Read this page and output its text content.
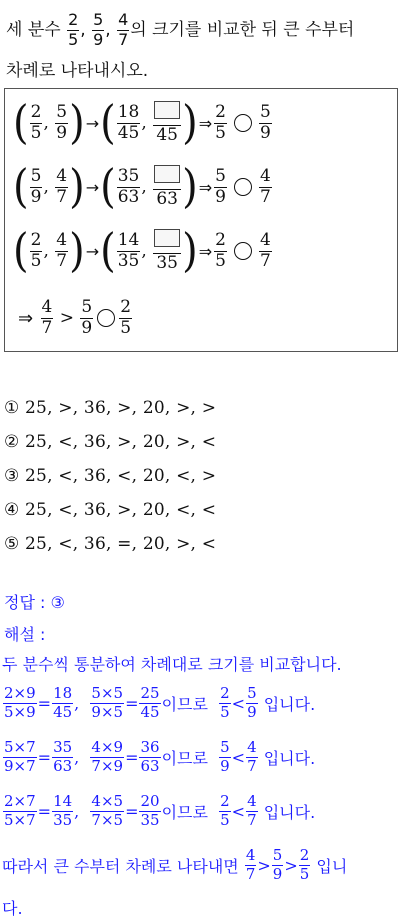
세 분수
$\frac{2}{5}$ , $\frac{5}{9}$ , $\frac{4}{7}$ 의 크기를 비교한 뒤 큰 수부터
차례로 나타내시오.
( $\frac{2}{5}$ , $\frac{5}{9}$ ) → ( $\frac{18}{45}$ ,
45 ) ⇒ $\frac{2}{5} \frac{5}{9}$
( $\frac{5}{9}$ , $\frac{4}{7}$ ) → ( $\frac{35}{63}$ ,
63 ) ⇒ $\frac{5}{9} \frac{4}{7}$
( $\frac{2}{5}$ , $\frac{4}{7}$ ) → ( $\frac{14}{35}$ ,
35 ) ⇒ $\frac{2}{5} \frac{4}{7}$
⇒
$\frac{4}{7}$
>
$\frac{5}{9} \frac{2}{5}$
① 25, >, 36, >, 20, >, >
② 25, <, 36, >, 20, >, <
③ 25, <, 36, <, 20, <, >
④ 25, <, 36, >, 20, <, <
⑤ 25, <, 36, =, 20, >, <
정답 : ③
해설 :
두 분수씩 통분하여 차례대로 크기를 비교합니다.
$\frac{2\times 9}{5\times 9} = \frac{18}{45}$ , $\frac{5\times 5}{9\times 5} = \frac{25}{45}$ 이므로
$\frac{2}{5} < \frac{5}{9}$
입니다.
$\frac{5\times 7}{9\times 7} = \frac{35}{63}$ , $\frac{4\times 9}{7\times 9} = \frac{36}{63}$ 이므로
$\frac{5}{9} < \frac{4}{7}$
입니다.
$\frac{2\times 7}{5\times 7} = \frac{14}{35}$ , $\frac{4\times 5}{7\times 5} = \frac{20}{35}$ 이므로
$\frac{2}{5} < \frac{4}{7}$
입니다.
따라서 큰 수부터 차례로 나타내면
$\frac{4}{7} > \frac{5}{9} > \frac{2}{5}$
입니
다.
